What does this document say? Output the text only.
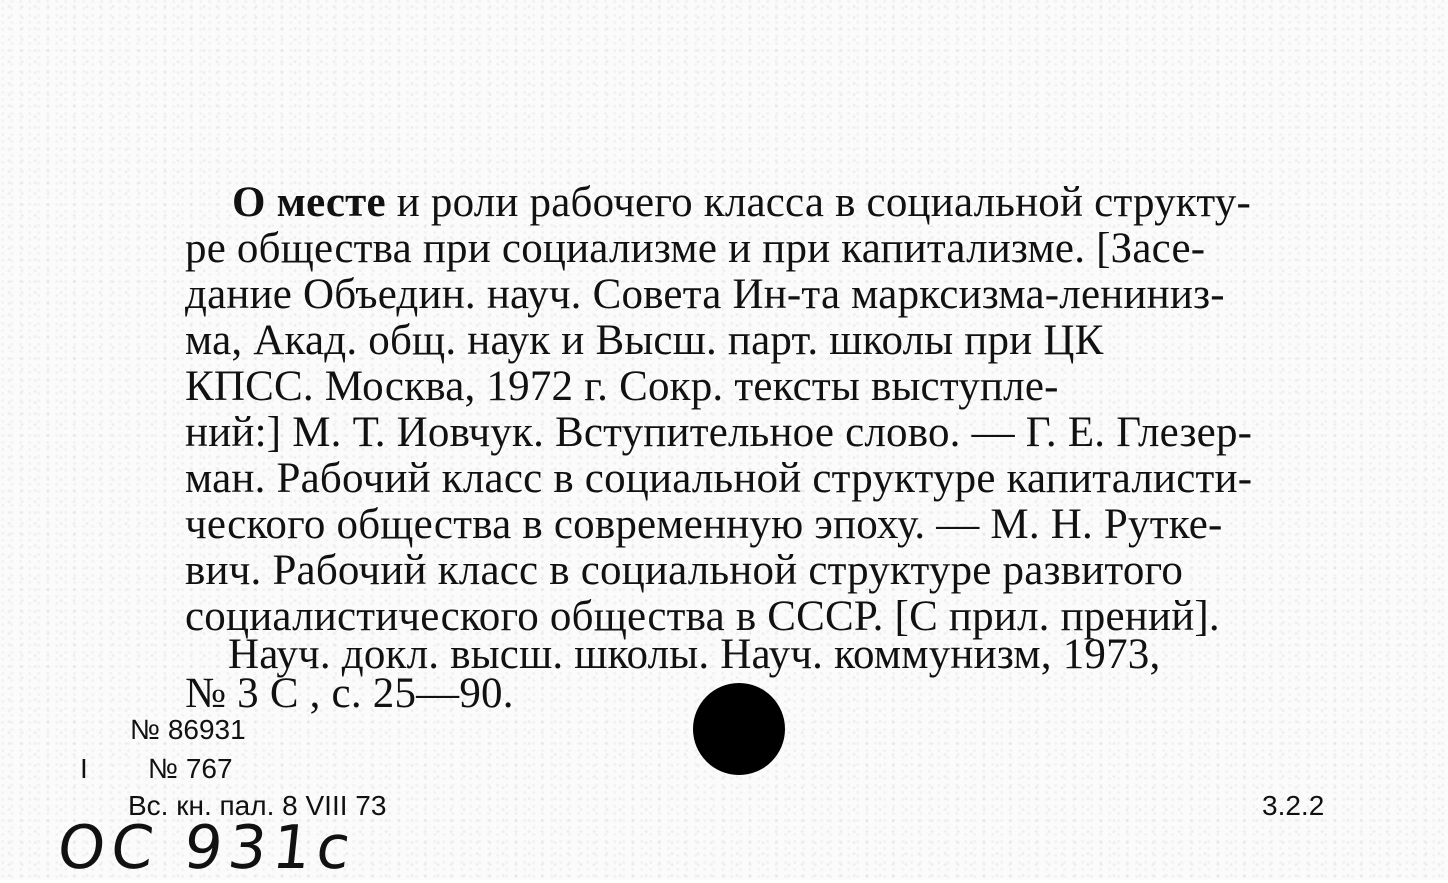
О месте и роли рабочего класса в социальной структу-
ре общества при социализме и при капитализме. [Засе-
дание Объедин. науч. Совета Ин-та марксизма-лениниз-
ма, Акад. общ. наук и Высш. парт. школы при ЦК
КПСС. Москва, 1972 г. Сокр. тексты выступле-
ний:] М. Т. Иовчук. Вступительное слово. — Г. Е. Глезер-
ман. Рабочий класс в социальной структуре капиталисти-
ческого общества в современную эпоху. — М. Н. Рутке-
вич. Рабочий класс в социальной структуре развитого
социалистического общества в СССР. [С прил. прений].
Науч. докл. высш. школы. Науч. коммунизм, 1973,
№ 3 С , с. 25—90.
№ 86931
I № 767
Вс. кн. пал. 8 VIII 73	3.2.2
ОС 931с
